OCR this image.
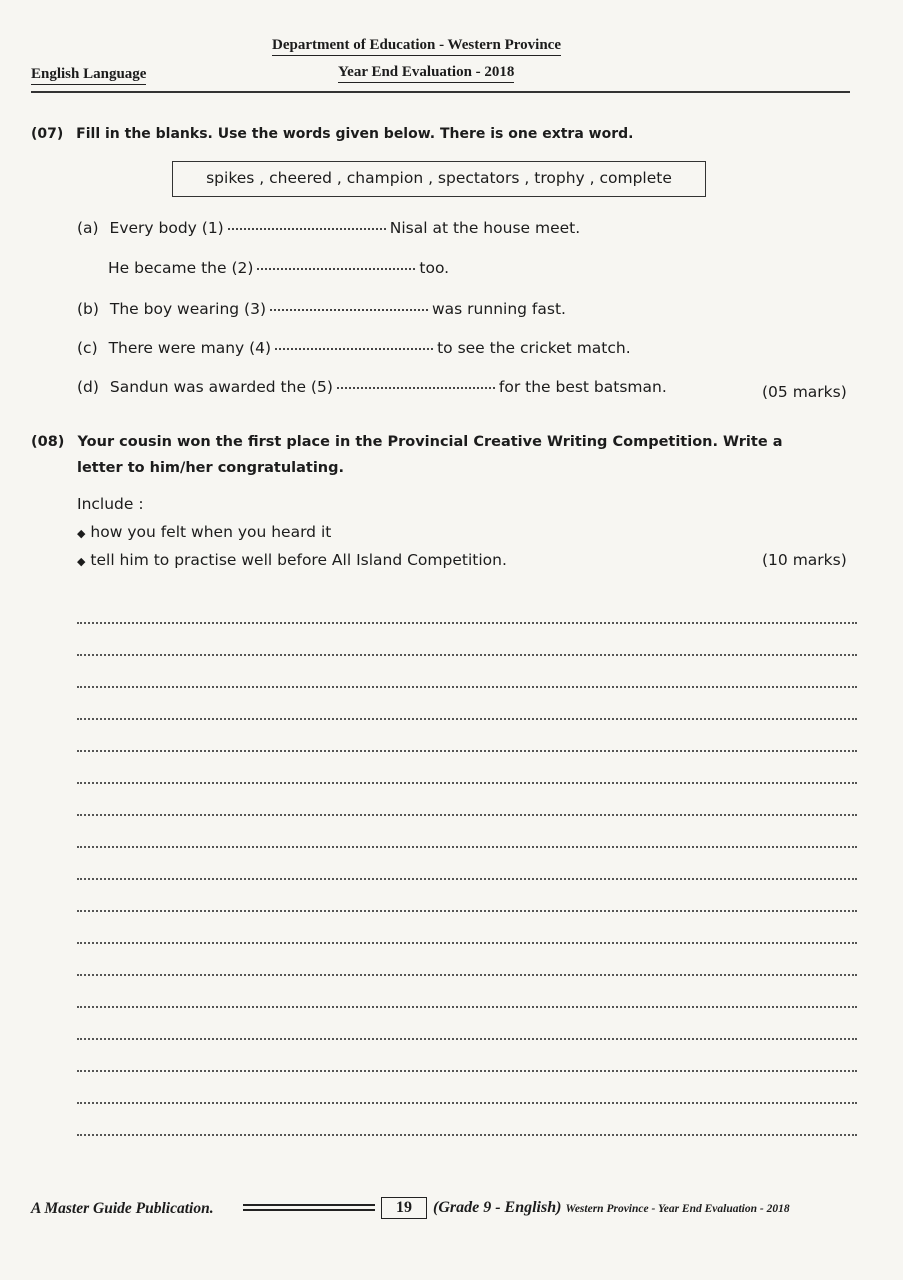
Department of Education - Western Province
Year End Evaluation - 2018
English Language
(07) Fill in the blanks. Use the words given below. There is one extra word.
spikes , cheered , champion , spectators , trophy , complete
(a) Every body (1)	Nisal at the house meet.
He became the (2)	too.
(b) The boy wearing (3)	was running fast.
(c) There were many (4)	to see the cricket match.
(d) Sandun was awarded the (5)	for the best batsman.	(05 marks)
(08) Your cousin won the first place in the Provincial Creative Writing Competition. Write a
letter to him/her congratulating.
Include :
◆ how you felt when you heard it
◆ tell him to practise well before All Island Competition.	(10 marks)
A Master Guide Publication.	19	(Grade 9 - English) Western Province - Year End Evaluation - 2018
